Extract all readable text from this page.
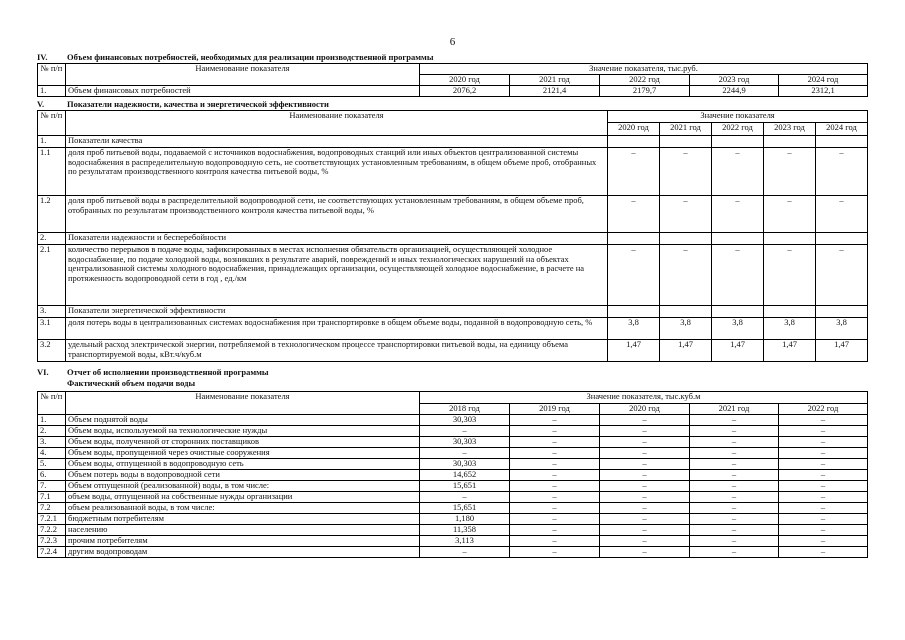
6
IV. Объем финансовых потребностей, необходимых для реализации производственной программы
№ п/п	Наименование показателя	Значение показателя, тыс.руб.				
		2020 год	2021 год	2022 год	2023 год	2024 год
1.	Объем финансовых потребностей	2076,2	2121,4	2179,7	2244,9	2312,1
V.	Показатели надежности, качества и энергетической эффективности
№ п/п	Наименование показателя	Значение показателя				
		2020 год	2021 год	2022 год	2023 год	2024 год
1.	Показатели качества					
1.1	доля проб питьевой воды, подаваемой с источников водоснабжения, водопроводных станций или иных объектов централизованной системы водоснабжения в распределительную водопроводную сеть, не соответствующих установленным требованиям, в общем объеме проб, отобранных по результатам производственного контроля качества питьевой воды, %	–	–	–	–	–
1.2	доля проб питьевой воды в распределительной водопроводной сети, не соответствующих установленным требованиям, в общем объеме проб, отобранных по результатам производственного контроля качества питьевой воды, %	–	–	–	–	–
2.	Показатели надежности и бесперебойности					
2.1	количество перерывов в подаче воды, зафиксированных в местах исполнения обязательств организацией, осуществляющей холодное водоснабжение, по подаче холодной воды, возникших в результате аварий, повреждений и иных технологических нарушений на объектах централизованной системы холодного водоснабжения, принадлежащих организации, осуществляющей холодное водоснабжение, в расчете на протяженность водопроводной сети в год , ед./км	–	–	–	–	–
3.	Показатели энергетической эффективности					
3.1	доля потерь воды в централизованных системах водоснабжения при транспортировке в общем объеме воды, поданной в водопроводную сеть, %	3,8	3,8	3,8	3,8	3,8
3.2	удельный расход электрической энергии, потребляемой в технологическом процессе транспортировки питьевой воды, на единицу объема транспортируемой воды, кВт.ч/куб.м	1,47	1,47	1,47	1,47	1,47
VI. Отчет об исполнении производственной программы
Фактический объем подачи воды
№ п/п	Наименование показателя	Значение показателя, тыс.куб.м				
		2018 год	2019 год	2020 год	2021 год	2022 год
1.	Объем поднятой воды	30,303	–	–	–	–
2.	Объем воды, используемой на технологические нужды	–	–	–	–	–
3.	Объем воды, полученной от сторонних поставщиков	30,303	–	–	–	–
4.	Объем воды, пропущенной через очистные сооружения	–	–	–	–	–
5.	Объем воды, отпущенной в водопроводную сеть	30,303	–	–	–	–
6.	Объем потерь воды в водопроводной сети	14,652	–	–	–	–
7.	Объем отпущенной (реализованной) воды, в том числе:	15,651	–	–	–	–
7.1	объем воды, отпущенной на собственные нужды организации	–	–	–	–	–
7.2	объем реализованной воды, в том числе:	15,651	–	–	–	–
7.2.1	бюджетным потребителям	1,180	–	–	–	–
7.2.2	населению	11,358	–	–	–	–
7.2.3	прочим потребителям	3,113	–	–	–	–
7.2.4	другим водопроводам	–	–	–	–	–
